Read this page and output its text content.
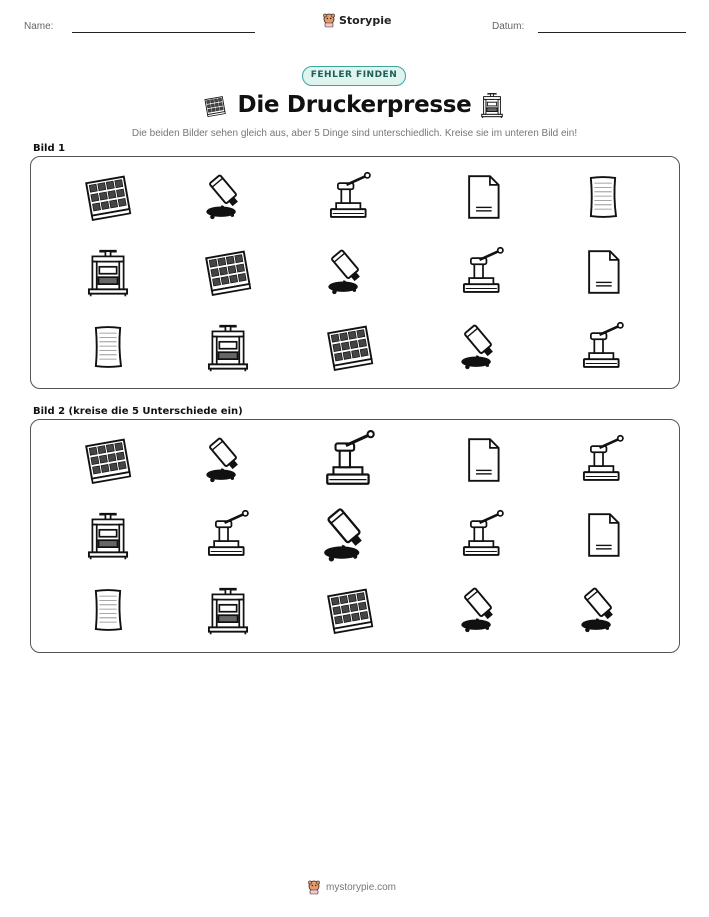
Name:	Storypie	Datum:
FEHLER FINDEN
Die Druckerpresse
Die beiden Bilder sehen gleich aus, aber 5 Dinge sind unterschiedlich. Kreise sie im unteren Bild ein!
Bild 1
Bild 2 (kreise die 5 Unterschiede ein)
mystorypie.com
